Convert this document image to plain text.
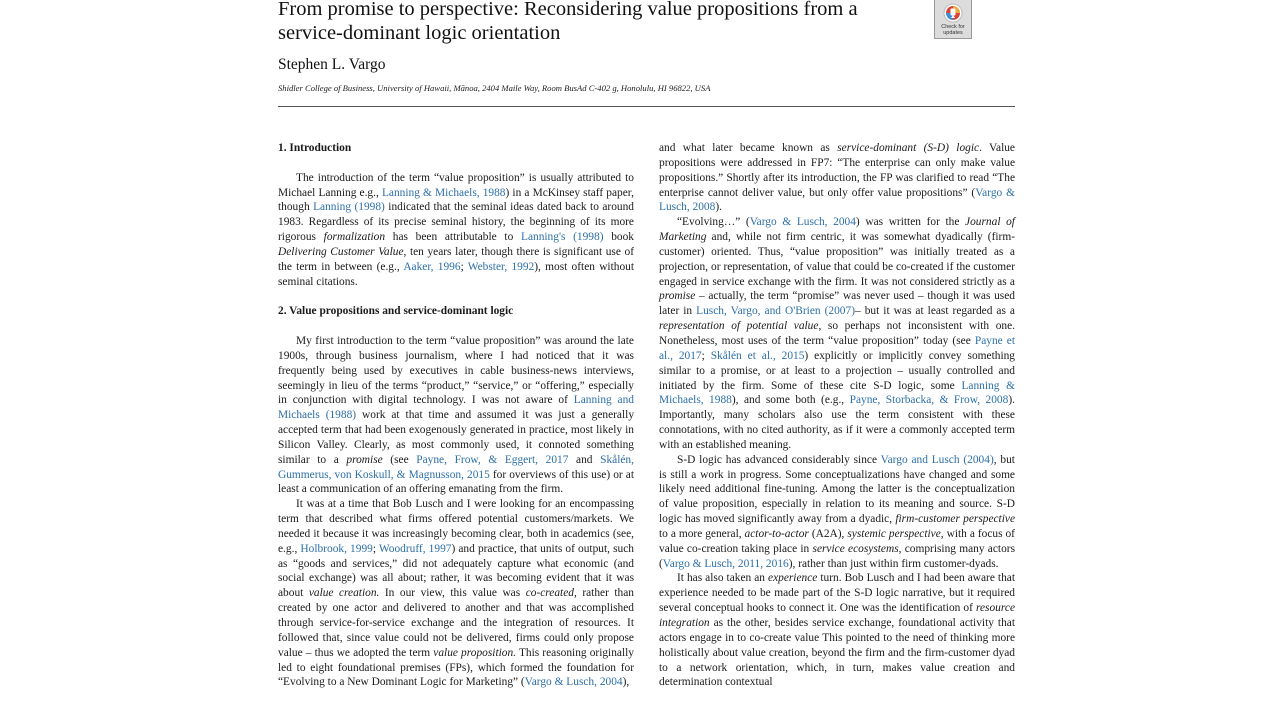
From promise to perspective: Reconsidering value propositions from a service-dominant logic orientation	Check for
updates
Stephen L. Vargo
Shidler College of Business, University of Hawaii, Mānoa, 2404 Maile Way, Room BusAd C-402 g, Honolulu, HI 96822, USA
1. Introduction

The introduction of the term “value proposition” is usually attributed to Michael Lanning e.g., Lanning & Michaels, 1988) in a McKinsey staff paper, though Lanning (1998) indicated that the seminal ideas dated back to around 1983. Regardless of its precise seminal history, the beginning of its more rigorous formalization has been attributable to Lanning's (1998) book Delivering Customer Value, ten years later, though there is significant use of the term in between (e.g., Aaker, 1996; Webster, 1992), most often without seminal citations.

2. Value propositions and service-dominant logic

My first introduction to the term “value proposition” was around the late 1900s, through business journalism, where I had noticed that it was frequently being used by executives in cable business-news interviews, seemingly in lieu of the terms “product,” “service,” or “offering,” especially in conjunction with digital technology. I was not aware of Lanning and Michaels (1988) work at that time and assumed it was just a generally accepted term that had been exogenously generated in practice, most likely in Silicon Valley. Clearly, as most commonly used, it connoted something similar to a promise (see Payne, Frow, & Eggert, 2017 and Skålén, Gummerus, von Koskull, & Magnusson, 2015 for overviews of this use) or at least a communication of an offering emanating from the firm.

It was at a time that Bob Lusch and I were looking for an encompassing term that described what firms offered potential customers/markets. We needed it because it was increasingly becoming clear, both in academics (see, e.g., Holbrook, 1999; Woodruff, 1997) and practice, that units of output, such as “goods and services,” did not adequately capture what economic (and social exchange) was all about; rather, it was becoming evident that it was about value creation. In our view, this value was co-created, rather than created by one actor and delivered to another and that was accomplished through service-for-service exchange and the integration of resources. It followed that, since value could not be delivered, firms could only propose value – thus we adopted the term value proposition. This reasoning originally led to eight foundational premises (FPs), which formed the foundation for “Evolving to a New Dominant Logic for Marketing” (Vargo & Lusch, 2004),

and what later became known as service-dominant (S-D) logic. Value propositions were addressed in FP7: “The enterprise can only make value propositions.” Shortly after its introduction, the FP was clarified to read “The enterprise cannot deliver value, but only offer value propositions” (Vargo & Lusch, 2008).

“Evolving…” (Vargo & Lusch, 2004) was written for the Journal of Marketing and, while not firm centric, it was somewhat dyadically (firm-customer) oriented. Thus, “value proposition” was initially treated as a projection, or representation, of value that could be co-created if the customer engaged in service exchange with the firm. It was not considered strictly as a promise – actually, the term “promise” was never used – though it was used later in Lusch, Vargo, and O'Brien (2007)– but it was at least regarded as a representation of potential value, so perhaps not inconsistent with one. Nonetheless, most uses of the term “value proposition” today (see Payne et al., 2017; Skålén et al., 2015) explicitly or implicitly convey something similar to a promise, or at least to a projection – usually controlled and initiated by the firm. Some of these cite S-D logic, some Lanning & Michaels, 1988), and some both (e.g., Payne, Storbacka, & Frow, 2008). Importantly, many scholars also use the term consistent with these connotations, with no cited authority, as if it were a commonly accepted term with an established meaning.

S-D logic has advanced considerably since Vargo and Lusch (2004), but is still a work in progress. Some conceptualizations have changed and some likely need additional fine-tuning. Among the latter is the conceptualization of value proposition, especially in relation to its meaning and source. S-D logic has moved significantly away from a dyadic, firm-customer perspective to a more general, actor-to-actor (A2A), systemic perspective, with a focus of value co-creation taking place in service ecosystems, comprising many actors (Vargo & Lusch, 2011, 2016), rather than just within firm customer-dyads.

It has also taken an experience turn. Bob Lusch and I had been aware that experience needed to be made part of the S-D logic narrative, but it required several conceptual hooks to connect it. One was the identification of resource integration as the other, besides service exchange, foundational activity that actors engage in to co-create value This pointed to the need of thinking more holistically about value creation, beyond the firm and the firm-customer dyad to a network orientation, which, in turn, makes value creation and determination contextual
